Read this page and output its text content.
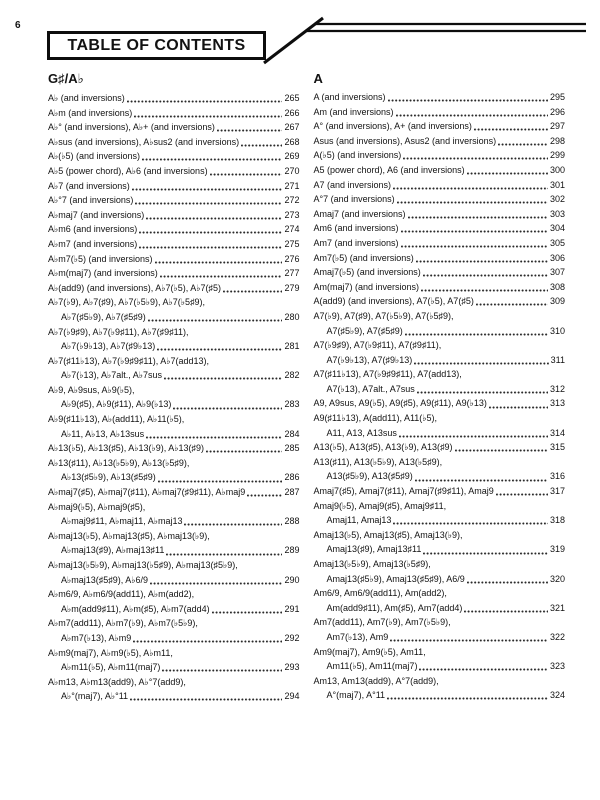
6
TABLE OF CONTENTS
G♯/A♭
A♭ (and inversions)	265
A♭m (and inversions)	266
A♭° (and inversions), A♭+ (and inversions)	267
A♭sus (and inversions), A♭sus2 (and inversions)	268
A♭(♭5) (and inversions)	269
A♭5 (power chord), A♭6 (and inversions)	270
A♭7 (and inversions)	271
A♭°7 (and inversions)	272
A♭maj7 (and inversions)	273
A♭m6 (and inversions)	274
A♭m7 (and inversions)	275
A♭m7(♭5) (and inversions)	276
A♭m(maj7) (and inversions)	277
A♭(add9) (and inversions), A♭7(♭5), A♭7(♯5)	279
A♭7(♭9), A♭7(♯9), A♭7(♭5♭9), A♭7(♭5♯9),
A♭7(♯5♭9), A♭7(♯5♯9)	280
A♭7(♭9♯9), A♭7(♭9♯11), A♭7(♯9♯11),
A♭7(♭9♭13), A♭7(♯9♭13)	281
A♭7(♯11♭13), A♭7(♭9♯9♯11), A♭7(add13),
A♭7(♭13), A♭7alt., A♭7sus	282
A♭9, A♭9sus, A♭9(♭5),
A♭9(♯5), A♭9(♯11), A♭9(♭13)	283
A♭9(♯11♭13), A♭(add11), A♭11(♭5),
A♭11, A♭13, A♭13sus	284
A♭13(♭5), A♭13(♯5), A♭13(♭9), A♭13(♯9)	285
A♭13(♯11), A♭13(♭5♭9), A♭13(♭5♯9),
A♭13(♯5♭9), A♭13(♯5♯9)	286
A♭maj7(♯5), A♭maj7(♯11), A♭maj7(♯9♯11), A♭maj9	287
A♭maj9(♭5), A♭maj9(♯5),
A♭maj9♯11, A♭maj11, A♭maj13	288
A♭maj13(♭5), A♭maj13(♯5), A♭maj13(♭9),
A♭maj13(♯9), A♭maj13♯11	289
A♭maj13(♭5♭9), A♭maj13(♭5♯9), A♭maj13(♯5♭9),
A♭maj13(♯5♯9), A♭6/9	290
A♭m6/9, A♭m6/9(add11), A♭m(add2),
A♭m(add9♯11), A♭m(♯5), A♭m7(add4)	291
A♭m7(add11), A♭m7(♭9), A♭m7(♭5♭9),
A♭m7(♭13), A♭m9	292
A♭m9(maj7), A♭m9(♭5), A♭m11,
A♭m11(♭5), A♭m11(maj7)	293
A♭m13, A♭m13(add9), A♭°7(add9),
A♭°(maj7), A♭°11	294
A
A (and inversions)	295
Am (and inversions)	296
A° (and inversions), A+ (and inversions)	297
Asus (and inversions), Asus2 (and inversions)	298
A(♭5) (and inversions)	299
A5 (power chord), A6 (and inversions)	300
A7 (and inversions)	301
A°7 (and inversions)	302
Amaj7 (and inversions)	303
Am6 (and inversions)	304
Am7 (and inversions)	305
Am7(♭5) (and inversions)	306
Amaj7(♭5) (and inversions)	307
Am(maj7) (and inversions)	308
A(add9) (and inversions), A7(♭5), A7(♯5)	309
A7(♭9), A7(♯9), A7(♭5♭9), A7(♭5♯9),
A7(♯5♭9), A7(♯5♯9)	310
A7(♭9♯9), A7(♭9♯11), A7(♯9♯11),
A7(♭9♭13), A7(♯9♭13)	311
A7(♯11♭13), A7(♭9♯9♯11), A7(add13),
A7(♭13), A7alt., A7sus	312
A9, A9sus, A9(♭5), A9(♯5), A9(♯11), A9(♭13)	313
A9(♯11♭13), A(add11), A11(♭5),
A11, A13, A13sus	314
A13(♭5), A13(♯5), A13(♭9), A13(♯9)	315
A13(♯11), A13(♭5♭9), A13(♭5♯9),
A13(♯5♭9), A13(♯5♯9)	316
Amaj7(♯5), Amaj7(♯11), Amaj7(♯9♯11), Amaj9	317
Amaj9(♭5), Amaj9(♯5), Amaj9♯11,
Amaj11, Amaj13	318
Amaj13(♭5), Amaj13(♯5), Amaj13(♭9),
Amaj13(♯9), Amaj13♯11	319
Amaj13(♭5♭9), Amaj13(♭5♯9),
Amaj13(♯5♭9), Amaj13(♯5♯9), A6/9	320
Am6/9, Am6/9(add11), Am(add2),
Am(add9♯11), Am(♯5), Am7(add4)	321
Am7(add11), Am7(♭9), Am7(♭5♭9),
Am7(♭13), Am9	322
Am9(maj7), Am9(♭5), Am11,
Am11(♭5), Am11(maj7)	323
Am13, Am13(add9), A°7(add9),
A°(maj7), A°11	324
